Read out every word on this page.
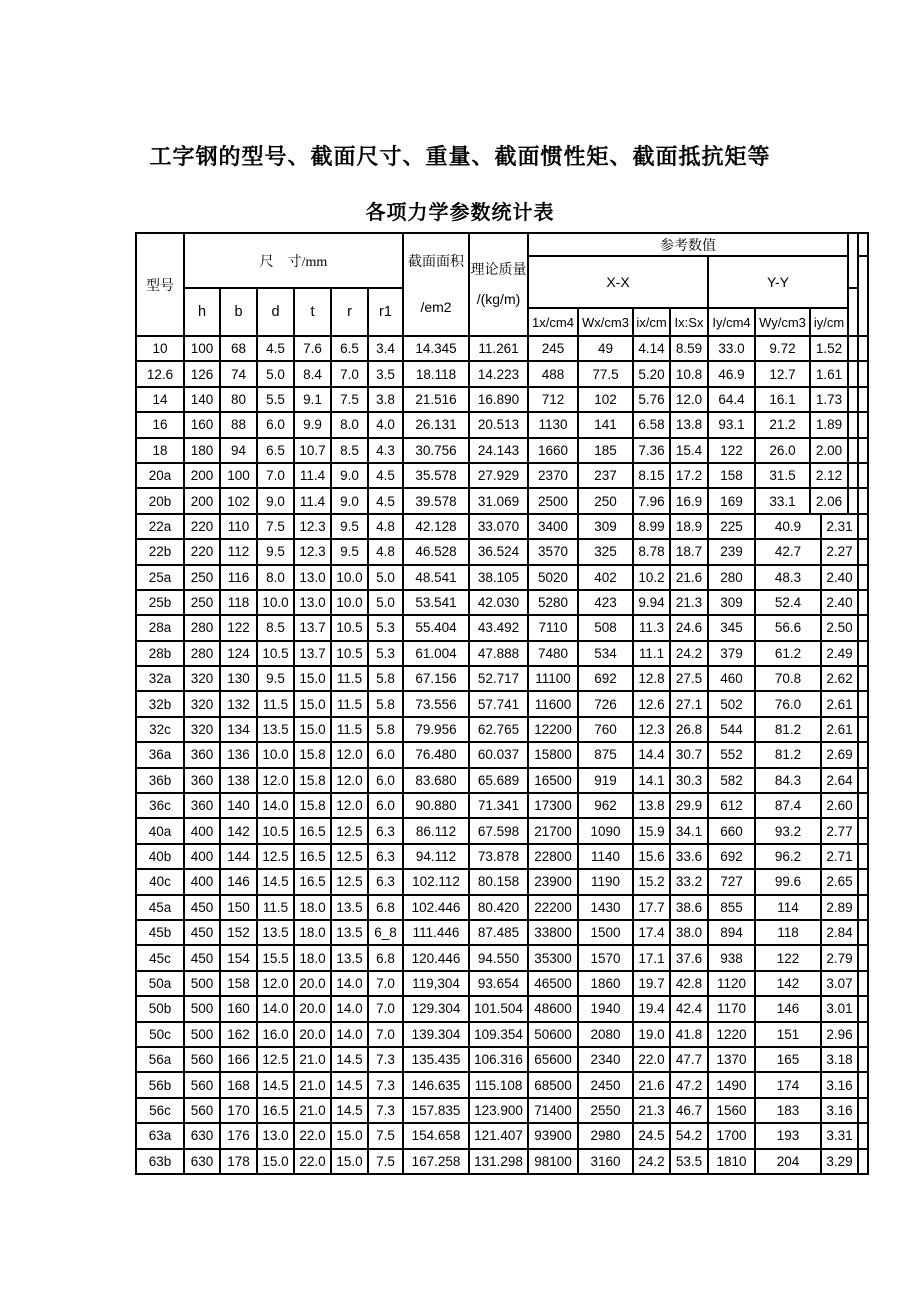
工字钢的型号、截面尺寸、重量、截面惯性矩、截面抵抗矩等
各项力学参数统计表
型号	尺　寸/mm						截面面积
/em2	理论质量
/(kg/m)	参考数值									
									X-X				Y-Y					
	h	b	d	t	r	r1												
									1x/cm4	Wx/cm3	ix/cm	Ix:Sx	Iy/cm4	Wy/cm3	iy/cm			
10	100	68	4.5	7.6	6.5	3.4	14.345	11.261	245	49	4.14	8.59	33.0	9.72	1.52			
12.6	126	74	5.0	8.4	7.0	3.5	18.118	14.223	488	77.5	5.20	10.8	46.9	12.7	1.61			
14	140	80	5.5	9.1	7.5	3.8	21.516	16.890	712	102	5.76	12.0	64.4	16.1	1.73			
16	160	88	6.0	9.9	8.0	4.0	26.131	20.513	1130	141	6.58	13.8	93.1	21.2	1.89			
18	180	94	6.5	10.7	8.5	4.3	30.756	24.143	1660	185	7.36	15.4	122	26.0	2.00			
20a	200	100	7.0	11.4	9.0	4.5	35.578	27.929	2370	237	8.15	17.2	158	31.5	2.12			
20b	200	102	9.0	11.4	9.0	4.5	39.578	31.069	2500	250	7.96	16.9	169	33.1	2.06			
22a	220	110	7.5	12.3	9.5	4.8	42.128	33.070	3400	309	8.99	18.9	225	40.9		2.31		
22b	220	112	9.5	12.3	9.5	4.8	46.528	36.524	3570	325	8.78	18.7	239	42.7		2.27		
25a	250	116	8.0	13.0	10.0	5.0	48.541	38.105	5020	402	10.2	21.6	280	48.3		2.40		
25b	250	118	10.0	13.0	10.0	5.0	53.541	42.030	5280	423	9.94	21.3	309	52.4		2.40		
28a	280	122	8.5	13.7	10.5	5.3	55.404	43.492	7110	508	11.3	24.6	345	56.6		2.50		
28b	280	124	10.5	13.7	10.5	5.3	61.004	47.888	7480	534	11.1	24.2	379	61.2		2.49		
32a	320	130	9.5	15.0	11.5	5.8	67.156	52.717	11100	692	12.8	27.5	460	70.8		2.62		
32b	320	132	11.5	15.0	11.5	5.8	73.556	57.741	11600	726	12.6	27.1	502	76.0		2.61		
32c	320	134	13.5	15.0	11.5	5.8	79.956	62.765	12200	760	12.3	26.8	544	81.2		2.61		
36a	360	136	10.0	15.8	12.0	6.0	76.480	60.037	15800	875	14.4	30.7	552	81.2		2.69		
36b	360	138	12.0	15.8	12.0	6.0	83.680	65.689	16500	919	14.1	30.3	582	84.3		2.64		
36c	360	140	14.0	15.8	12.0	6.0	90.880	71.341	17300	962	13.8	29.9	612	87.4		2.60		
40a	400	142	10.5	16.5	12.5	6.3	86.112	67.598	21700	1090	15.9	34.1	660	93.2		2.77		
40b	400	144	12.5	16.5	12.5	6.3	94.112	73.878	22800	1140	15.6	33.6	692	96.2		2.71		
40c	400	146	14.5	16.5	12.5	6.3	102.112	80.158	23900	1190	15.2	33.2	727	99.6		2.65		
45a	450	150	11.5	18.0	13.5	6.8	102.446	80.420	22200	1430	17.7	38.6	855	114		2.89		
45b	450	152	13.5	18.0	13.5	6_8	111.446	87.485	33800	1500	17.4	38.0	894	118		2.84		
45c	450	154	15.5	18.0	13.5	6.8	120.446	94.550	35300	1570	17.1	37.6	938	122		2.79		
50a	500	158	12.0	20.0	14.0	7.0	119,304	93.654	46500	1860	19.7	42.8	1120	142		3.07		
50b	500	160	14.0	20.0	14.0	7.0	129.304	101.504	48600	1940	19.4	42.4	1170	146		3.01		
50c	500	162	16.0	20.0	14.0	7.0	139.304	109.354	50600	2080	19.0	41.8	1220	151		2.96		
56a	560	166	12.5	21.0	14.5	7.3	135.435	106.316	65600	2340	22.0	47.7	1370	165		3.18		
56b	560	168	14.5	21.0	14.5	7.3	146.635	115.108	68500	2450	21.6	47.2	1490	174		3.16		
56c	560	170	16.5	21.0	14.5	7.3	157.835	123.900	71400	2550	21.3	46.7	1560	183		3.16		
63a	630	176	13.0	22.0	15.0	7.5	154.658	121.407	93900	2980	24.5	54.2	1700	193		3.31		
63b	630	178	15.0	22.0	15.0	7.5	167.258	131.298	98100	3160	24.2	53.5	1810	204		3.29		
